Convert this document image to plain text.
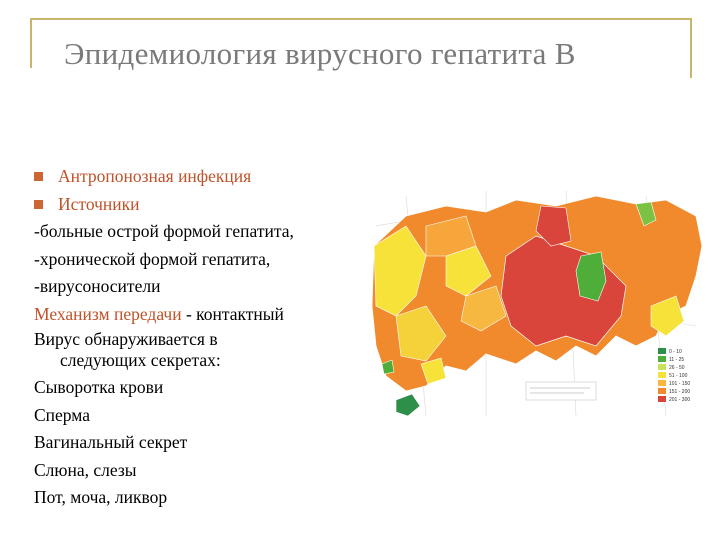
Эпидемиология вирусного гепатита В
Антропонозная инфекция
Источники
-больные острой формой гепатита,
-хронической формой гепатита,
-вирусоносители
Механизм передачи - контактный
Вирус обнаруживается в
следующих секретах:
Сыворотка крови
Сперма
Вагинальный секрет
Слюна, слезы
Пот, моча, ликвор
0 - 10
11 - 25
26 - 50
51 - 100
101 - 150
151 - 200
201 - 300
